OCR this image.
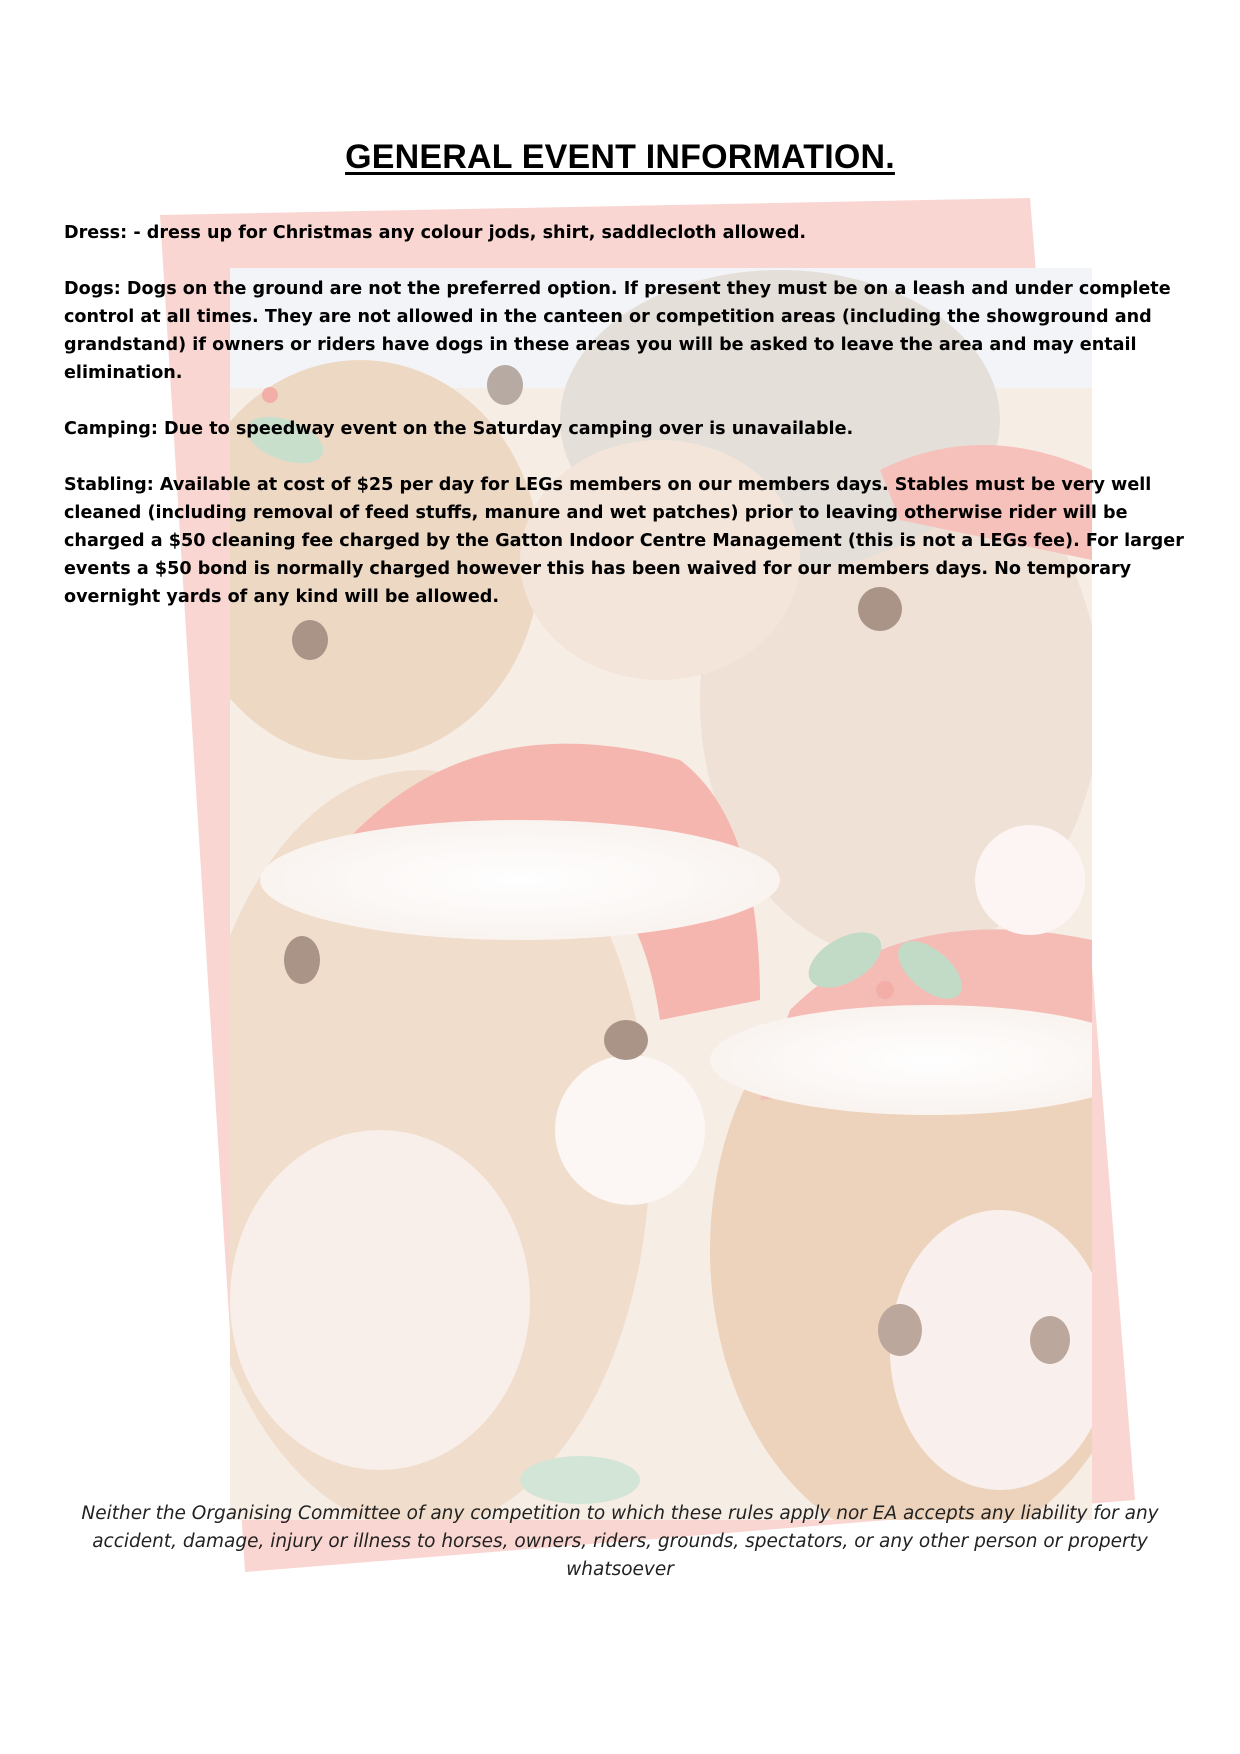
GENERAL EVENT INFORMATION.

Dress: - dress up for Christmas any colour jods, shirt, saddlecloth allowed.

Dogs: Dogs on the ground are not the preferred option. If present they must be on a leash and under complete control at all times. They are not allowed in the canteen or competition areas (including the showground and grandstand) if owners or riders have dogs in these areas you will be asked to leave the area and may entail elimination.

Camping: Due to speedway event on the Saturday camping over is unavailable.

Stabling: Available at cost of $25 per day for LEGs members on our members days. Stables must be very well cleaned (including removal of feed stuffs, manure and wet patches) prior to leaving otherwise rider will be charged a $50 cleaning fee charged by the Gatton Indoor Centre Management (this is not a LEGs fee). For larger events a $50 bond is normally charged however this has been waived for our members days. No temporary overnight yards of any kind will be allowed.

Neither the Organising Committee of any competition to which these rules apply nor EA accepts any liability for any accident, damage, injury or illness to horses, owners, riders, grounds, spectators, or any other person or property whatsoever
